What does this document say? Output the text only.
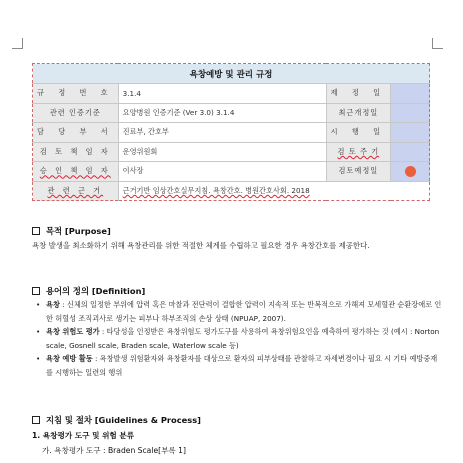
욕창예방 및 관리 규정			
규 정 번 호	3.1.4	제 정 일	
관련 인증기준	요양병원 인증기준 (Ver 3.0) 3.1.4	최근개정일	
담 당 부 서	진료부, 간호부	시 행 일	
검 토 책 임 자	운영위원회	검 토 주 기	
승 인 책 임 자	이사장	검토예정일	
관 련 근 거	근거기반 임상간호실무지침. 욕창간호. 병원간호사회. 2018		
목적 [Purpose]
욕창 발생을 최소화하기 위해 욕창관리를 위한 적절한 체계를 수립하고 필요한 경우 욕창간호를 제공한다.
용어의 정의 [Definition]
• 욕창 : 신체의 일정한 부위에 압력 혹은 마찰과 전단력이 결합한 압력이 지속적 또는 반복적으로 가해져 모세혈관 순환장애로 인한 허혈성 조직괴사로 생기는 피부나 하부조직의 손상 상태 (NPUAP, 2007).
• 욕창 위험도 평가 : 타당성을 인정받은 욕창위험도 평가도구를 사용하여 욕창위험요인을 예측하여 평가하는 것 (예시 : Norton scale, Gosnell scale, Braden scale, Waterlow scale 등)
• 욕창 예방 활동 : 욕창발생 위험환자와 욕창환자를 대상으로 환자의 피부상태를 관찰하고 자세변경이나 필요 시 기타 예방중재를 시행하는 일련의 행위
지침 및 절차 [Guidelines & Process]
1. 욕창평가 도구 및 위험 분류
가. 욕창평가 도구 : Braden Scale[부록 1]
